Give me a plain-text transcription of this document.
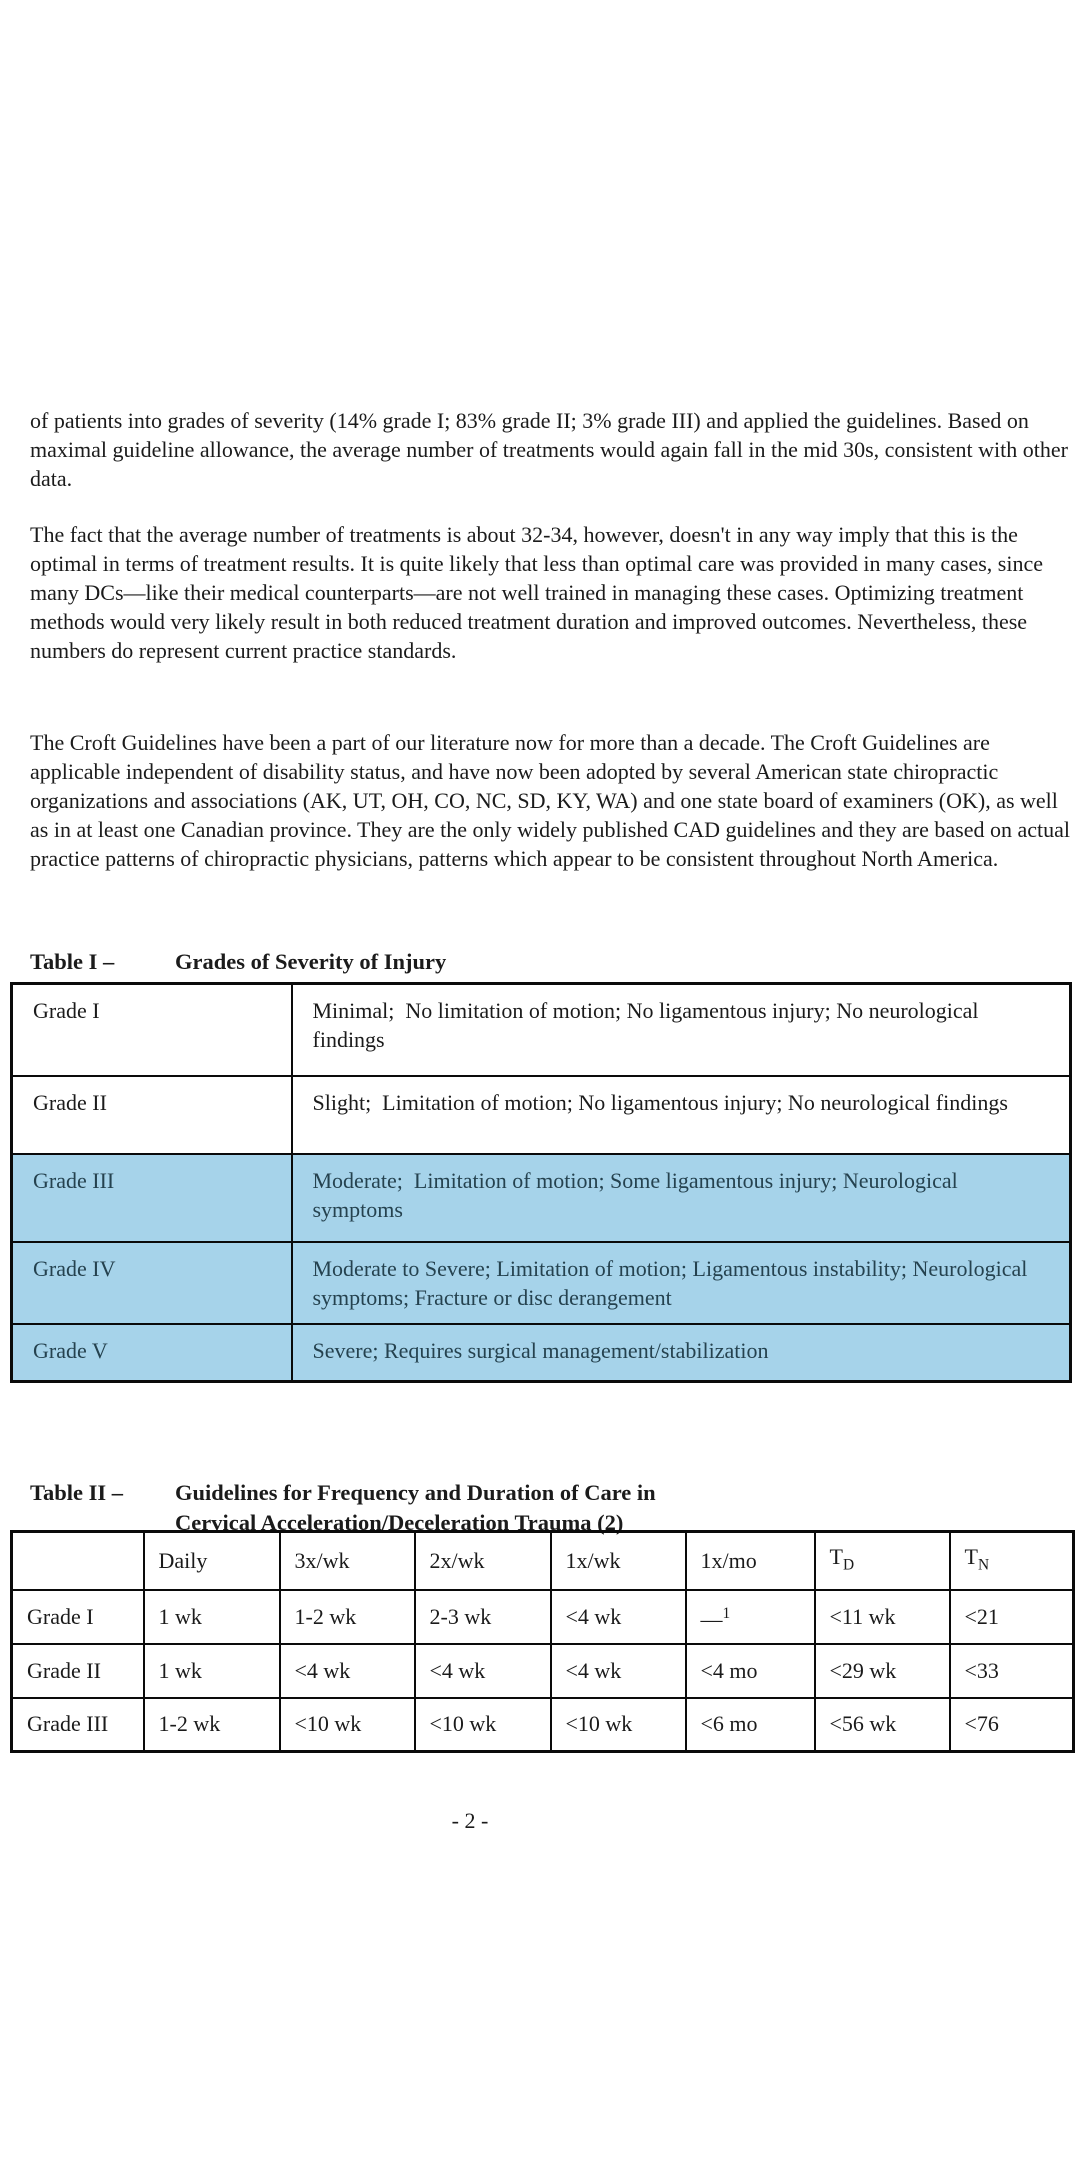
of patients into grades of severity (14% grade I; 83% grade II; 3% grade III) and applied the guidelines. Based on maximal guideline allowance, the average number of treatments would again fall in the mid 30s, consistent with other data.

The fact that the average number of treatments is about 32-34, however, doesn't in any way imply that this is the optimal in terms of treatment results. It is quite likely that less than optimal care was provided in many cases, since many DCs—like their medical counterparts—are not well trained in managing these cases. Optimizing treatment methods would very likely result in both reduced treatment duration and improved outcomes. Nevertheless, these numbers do represent current practice standards.

The Croft Guidelines have been a part of our literature now for more than a decade. The Croft Guidelines are applicable independent of disability status, and have now been adopted by several American state chiropractic organizations and associations (AK, UT, OH, CO, NC, SD, KY, WA) and one state board of examiners (OK), as well as in at least one Canadian province. They are the only widely published CAD guidelines and they are based on actual practice patterns of chiropractic physicians, patterns which appear to be consistent throughout North America.

Table I –	Grades of Severity of Injury
Grade I	Minimal;  No limitation of motion; No ligamentous injury; No neurological findings
Grade II	Slight;  Limitation of motion; No ligamentous injury; No neurological findings
Grade III	Moderate;  Limitation of motion; Some ligamentous injury; Neurological symptoms
Grade IV	Moderate to Severe; Limitation of motion; Ligamentous instability; Neurological symptoms; Fracture or disc derangement
Grade V	Severe; Requires surgical management/stabilization
Table II –	Guidelines for Frequency and Duration of Care in
Cervical Acceleration/Deceleration Trauma (2)
	Daily	3x/wk	2x/wk	1x/wk	1x/mo	$T_D$	$T_N$
Grade I	1 wk	1-2 wk	2-3 wk	<4 wk	—$^1$	<11 wk	<21
Grade II	1 wk	<4 wk	<4 wk	<4 wk	<4 mo	<29 wk	<33
Grade III	1-2 wk	<10 wk	<10 wk	<10 wk	<6 mo	<56 wk	<76
- 2 -
